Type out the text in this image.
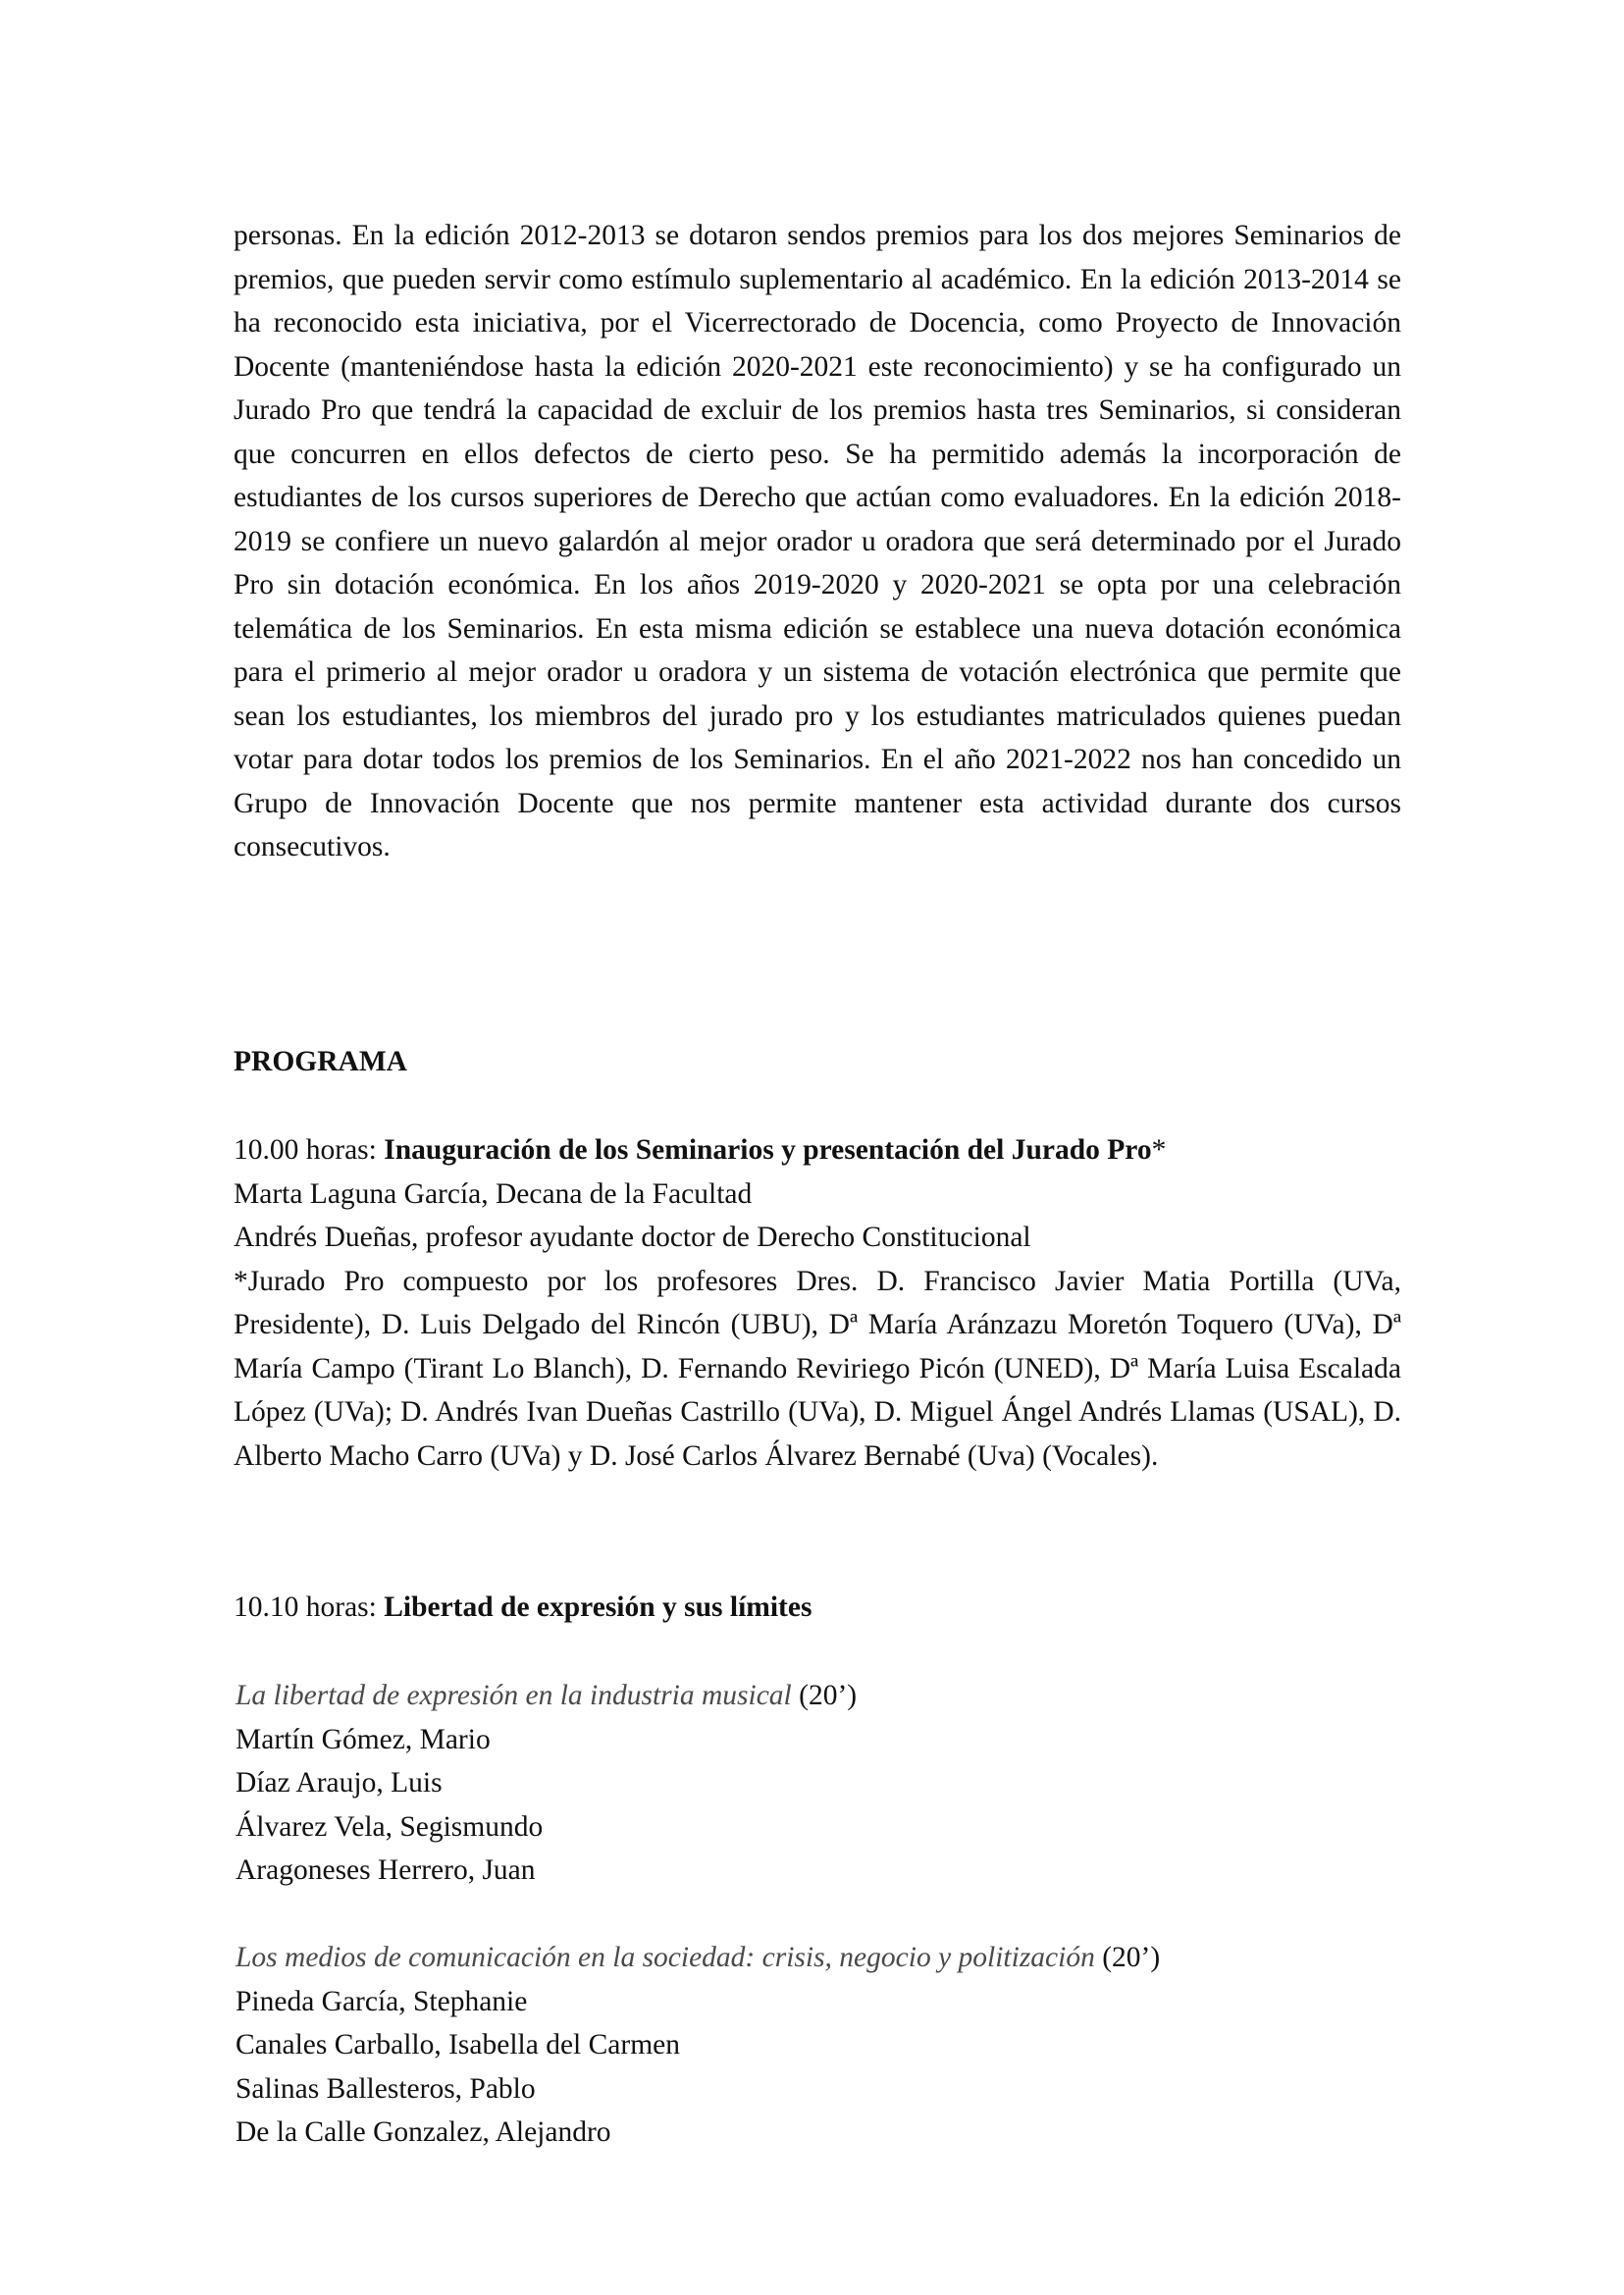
personas. En la edición 2012-2013 se dotaron sendos premios para los dos mejores Seminarios de premios, que pueden servir como estímulo suplementario al académico. En la edición 2013-2014 se ha reconocido esta iniciativa, por el Vicerrectorado de Docencia, como Proyecto de Innovación Docente (manteniéndose hasta la edición 2020-2021 este reconocimiento) y se ha configurado un Jurado Pro que tendrá la capacidad de excluir de los premios hasta tres Seminarios, si consideran que concurren en ellos defectos de cierto peso. Se ha permitido además la incorporación de estudiantes de los cursos superiores de Derecho que actúan como evaluadores. En la edición 2018-2019 se confiere un nuevo galardón al mejor orador u oradora que será determinado por el Jurado Pro sin dotación económica. En los años 2019-2020 y 2020-2021 se opta por una celebración telemática de los Seminarios. En esta misma edición se establece una nueva dotación económica para el primerio al mejor orador u oradora y un sistema de votación electrónica que permite que sean los estudiantes, los miembros del jurado pro y los estudiantes matriculados quienes puedan votar para dotar todos los premios de los Seminarios. En el año 2021-2022 nos han concedido un Grupo de Innovación Docente que nos permite mantener esta actividad durante dos cursos consecutivos.

PROGRAMA

10.00 horas: Inauguración de los Seminarios y presentación del Jurado Pro*

Marta Laguna García, Decana de la Facultad

Andrés Dueñas, profesor ayudante doctor de Derecho Constitucional

*Jurado Pro compuesto por los profesores Dres. D. Francisco Javier Matia Portilla (UVa, Presidente), D. Luis Delgado del Rincón (UBU), Dª María Aránzazu Moretón Toquero (UVa), Dª María Campo (Tirant Lo Blanch), D. Fernando Reviriego Picón (UNED), Dª María Luisa Escalada López (UVa); D. Andrés Ivan Dueñas Castrillo (UVa), D. Miguel Ángel Andrés Llamas (USAL), D. Alberto Macho Carro (UVa) y D. José Carlos Álvarez Bernabé (Uva) (Vocales).

10.10 horas: Libertad de expresión y sus límites

La libertad de expresión en la industria musical (20’)

Martín Gómez, Mario
Díaz Araujo, Luis
Álvarez Vela, Segismundo
Aragoneses Herrero, Juan

Los medios de comunicación en la sociedad: crisis, negocio y politización (20’)

Pineda García, Stephanie
Canales Carballo, Isabella del Carmen
Salinas Ballesteros, Pablo
De la Calle Gonzalez, Alejandro
